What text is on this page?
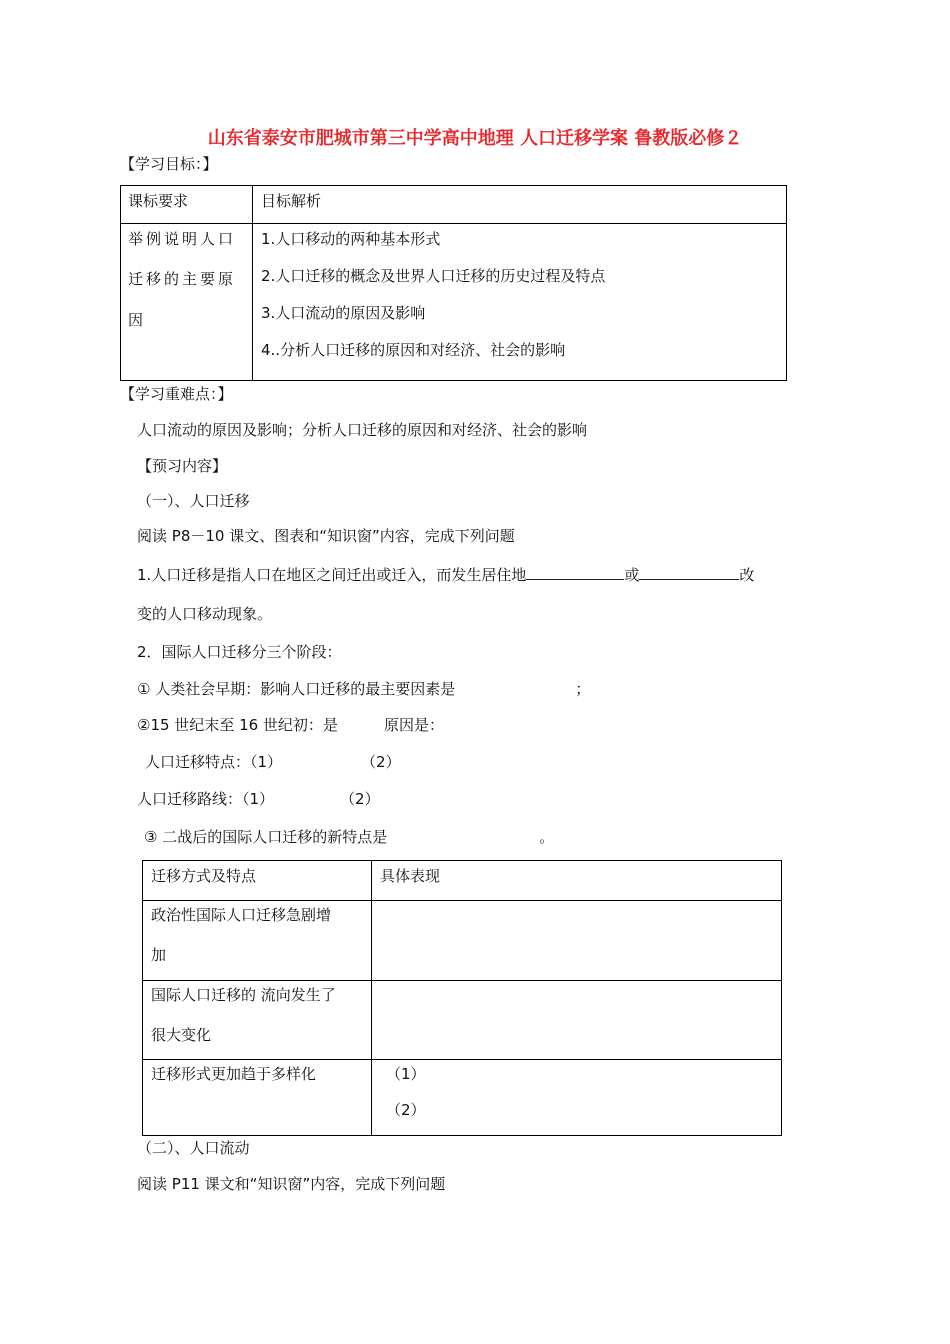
山东省泰安市肥城市第三中学高中地理 人口迁移学案 鲁教版必修２
【学习目标：】
课标要求	目标解析

举例说明人口
迁移的主要原
因	1.人口移动的两种基本形式
2.人口迁移的概念及世界人口迁移的历史过程及特点
3.人口流动的原因及影响
4..分析人口迁移的原因和对经济、社会的影响
【学习重难点：】
人口流动的原因及影响；分析人口迁移的原因和对经济、社会的影响
【预习内容】
（一）、人口迁移
阅读 P8－10 课文、图表和“知识窗”内容，完成下列问题
1.人口迁移是指人口在地区之间迁出或迁入，而发生居住地	或	改
变的人口移动现象。
2．国际人口迁移分三个阶段：
① 人类社会早期：影响人口迁移的最主要因素是	；
②15 世纪末至 16 世纪初：是	原因是：
人口迁移特点：（1）	（2）
人口迁移路线：（1）	（2）
③ 二战后的国际人口迁移的新特点是	。
迁移方式及特点	具体表现

政治性国际人口迁移急剧增
加	

国际人口迁移的 流向发生了
很大变化	

迁移形式更加趋于多样化	（1）
（2）
（二）、人口流动
阅读 P11 课文和“知识窗”内容，完成下列问题
